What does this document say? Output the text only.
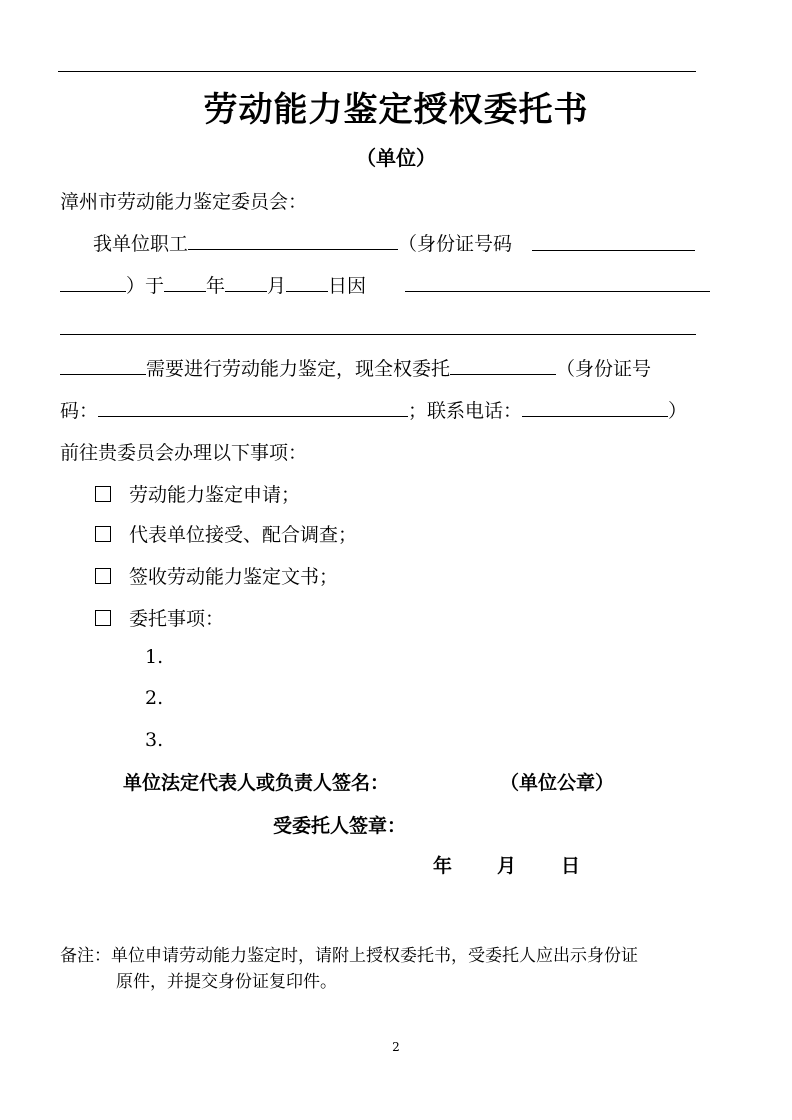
劳动能力鉴定授权委托书
（单位）
漳州市劳动能力鉴定委员会：
我单位职工	（身份证号码
）于 年 月 日因
需要进行劳动能力鉴定，现全权委托	（身份证号
码：	；联系电话：	）
前往贵委员会办理以下事项：
劳动能力鉴定申请；
代表单位接受、配合调查；
签收劳动能力鉴定文书；
委托事项：
1.
2.
3.
单位法定代表人或负责人签名：	（单位公章）
受委托人签章：
年 月 日
备注：单位申请劳动能力鉴定时，请附上授权委托书，受委托人应出示身份证
原件，并提交身份证复印件。
2
